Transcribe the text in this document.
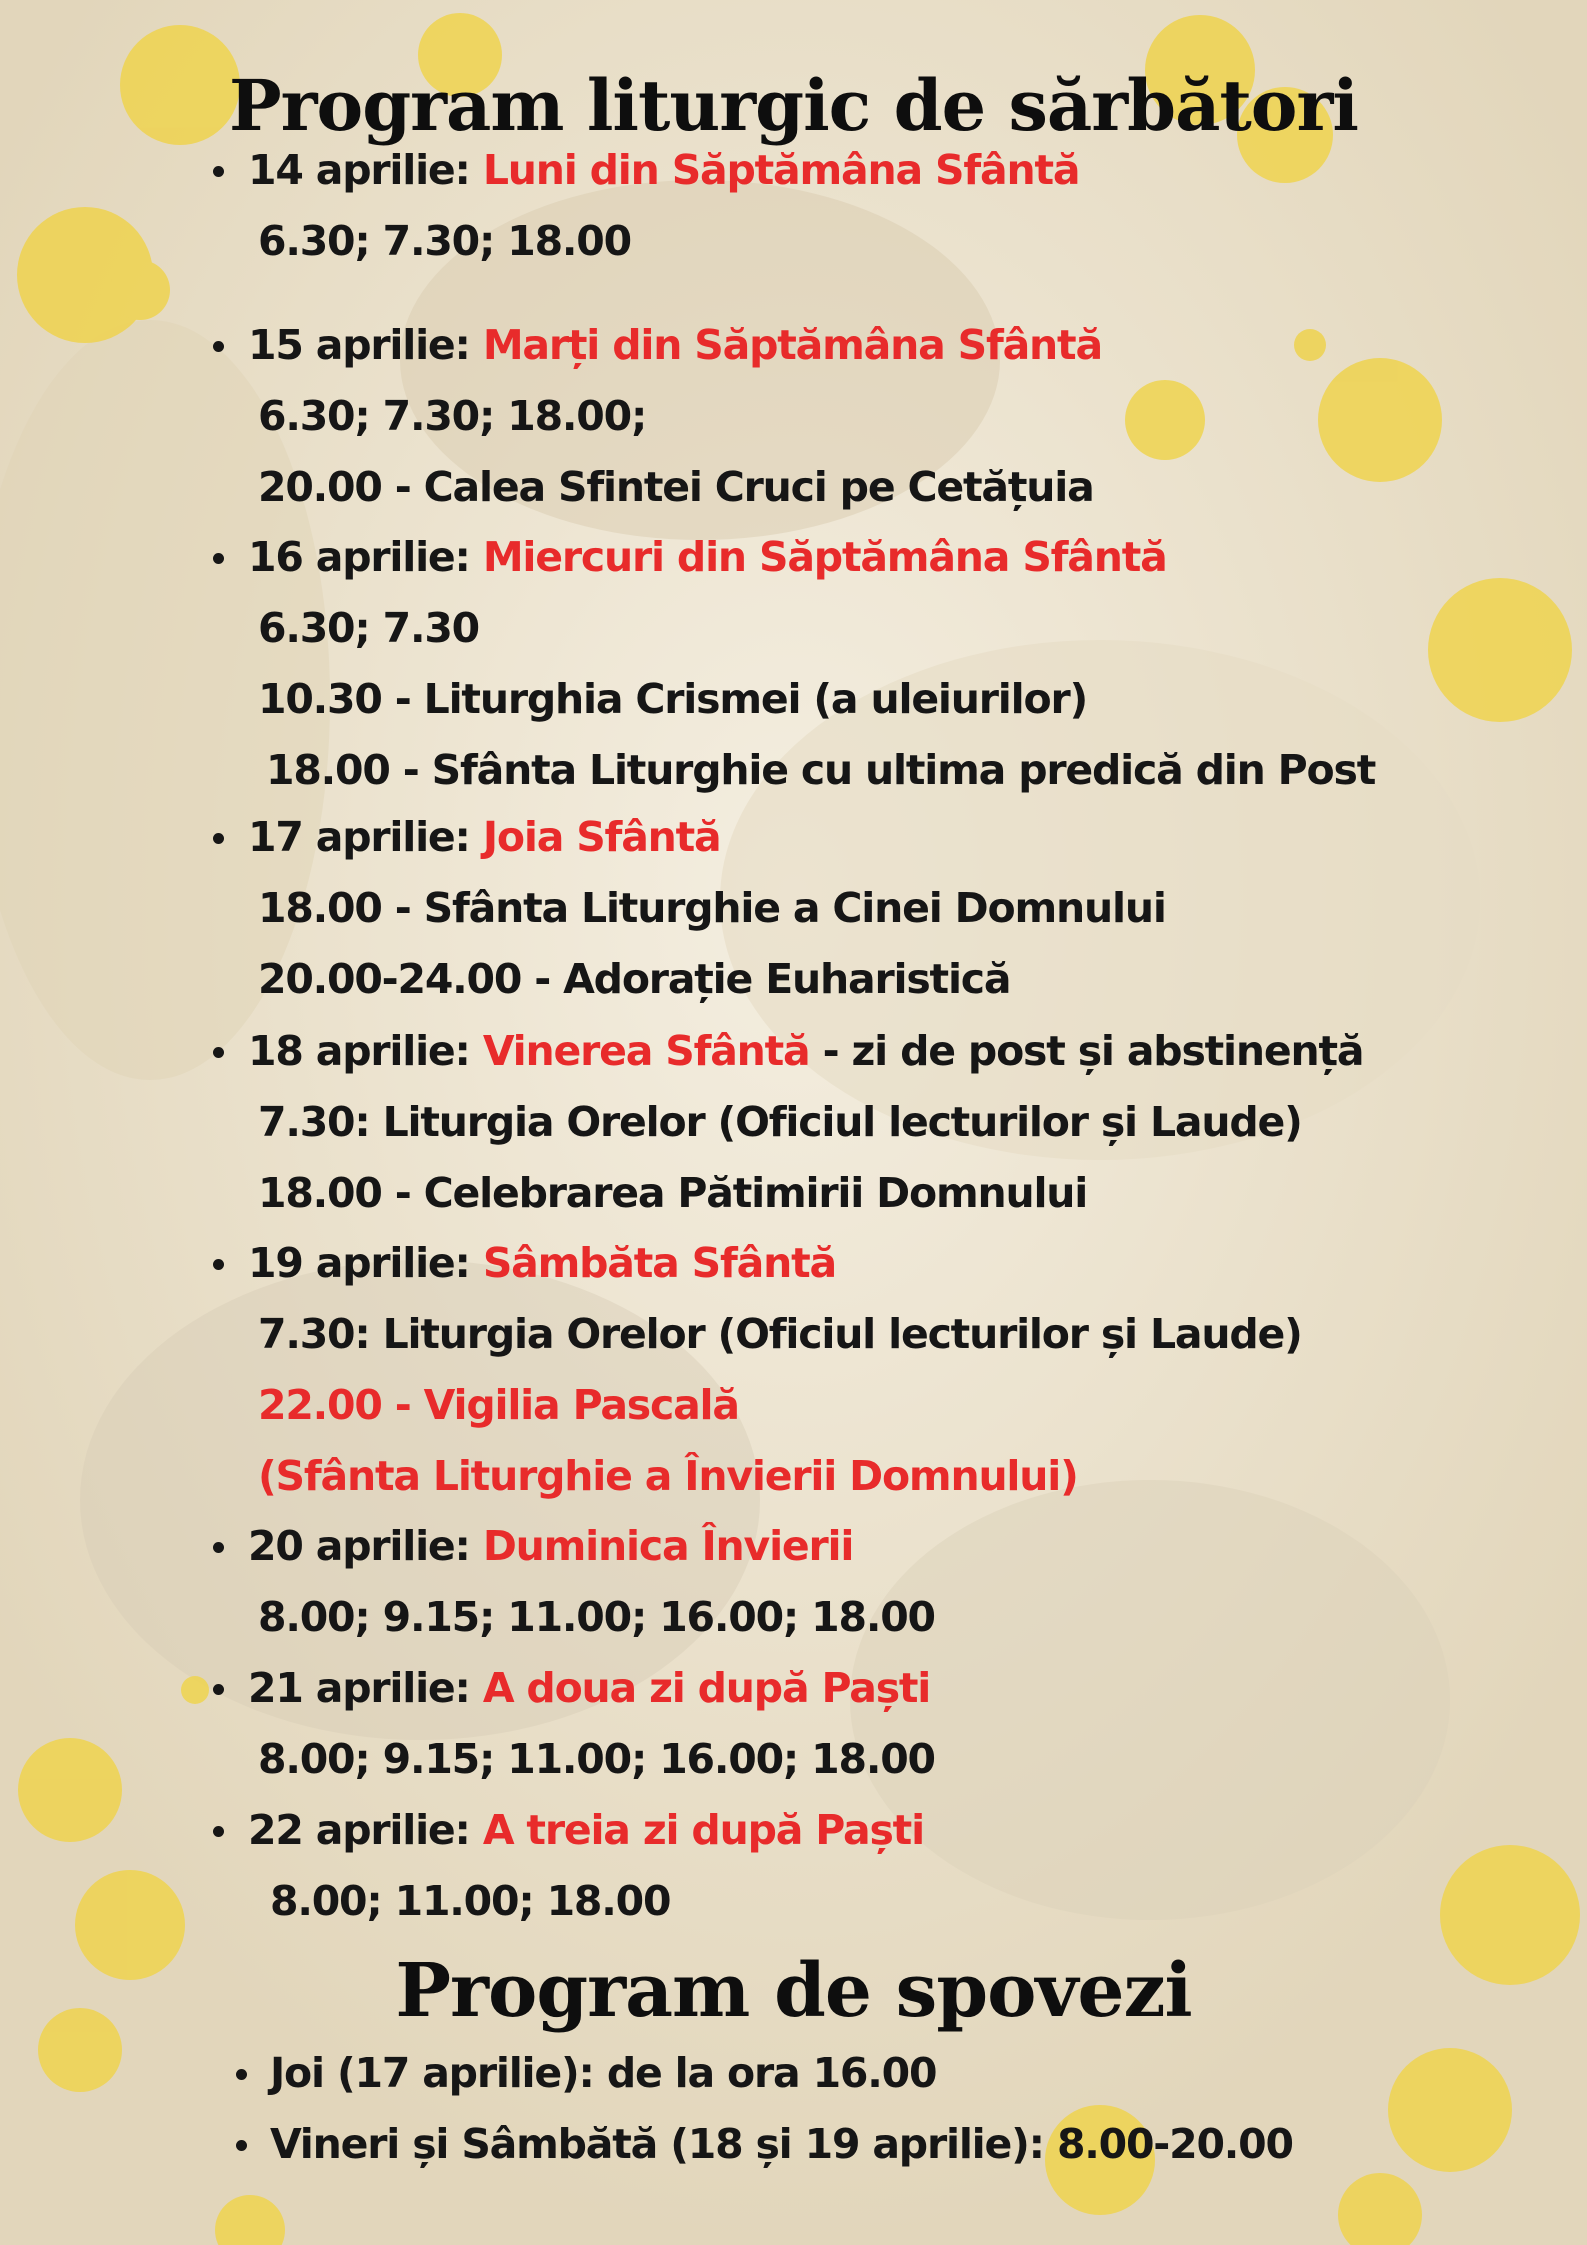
Program liturgic de sărbători
14 aprilie: Luni din Săptămâna Sfântă
6.30; 7.30; 18.00
15 aprilie: Marți din Săptămâna Sfântă
6.30; 7.30; 18.00;
20.00 - Calea Sfintei Cruci pe Cetățuia
16 aprilie: Miercuri din Săptămâna Sfântă
6.30; 7.30
10.30 - Liturghia Crismei (a uleiurilor)
18.00 - Sfânta Liturghie cu ultima predică din Post
17 aprilie: Joia Sfântă
18.00 - Sfânta Liturghie a Cinei Domnului
20.00-24.00 - Adorație Euharistică
18 aprilie: Vinerea Sfântă - zi de post și abstinență
7.30: Liturgia Orelor (Oficiul lecturilor și Laude)
18.00 - Celebrarea Pătimirii Domnului
19 aprilie: Sâmbăta Sfântă
7.30: Liturgia Orelor (Oficiul lecturilor și Laude)
22.00 - Vigilia Pascală
(Sfânta Liturghie a Învierii Domnului)
20 aprilie: Duminica Învierii
8.00; 9.15; 11.00; 16.00; 18.00
21 aprilie: A doua zi după Paști
8.00; 9.15; 11.00; 16.00; 18.00
22 aprilie: A treia zi după Paști
8.00; 11.00; 18.00
Program de spovezi
Joi (17 aprilie): de la ora 16.00
Vineri și Sâmbătă (18 și 19 aprilie): 8.00-20.00
